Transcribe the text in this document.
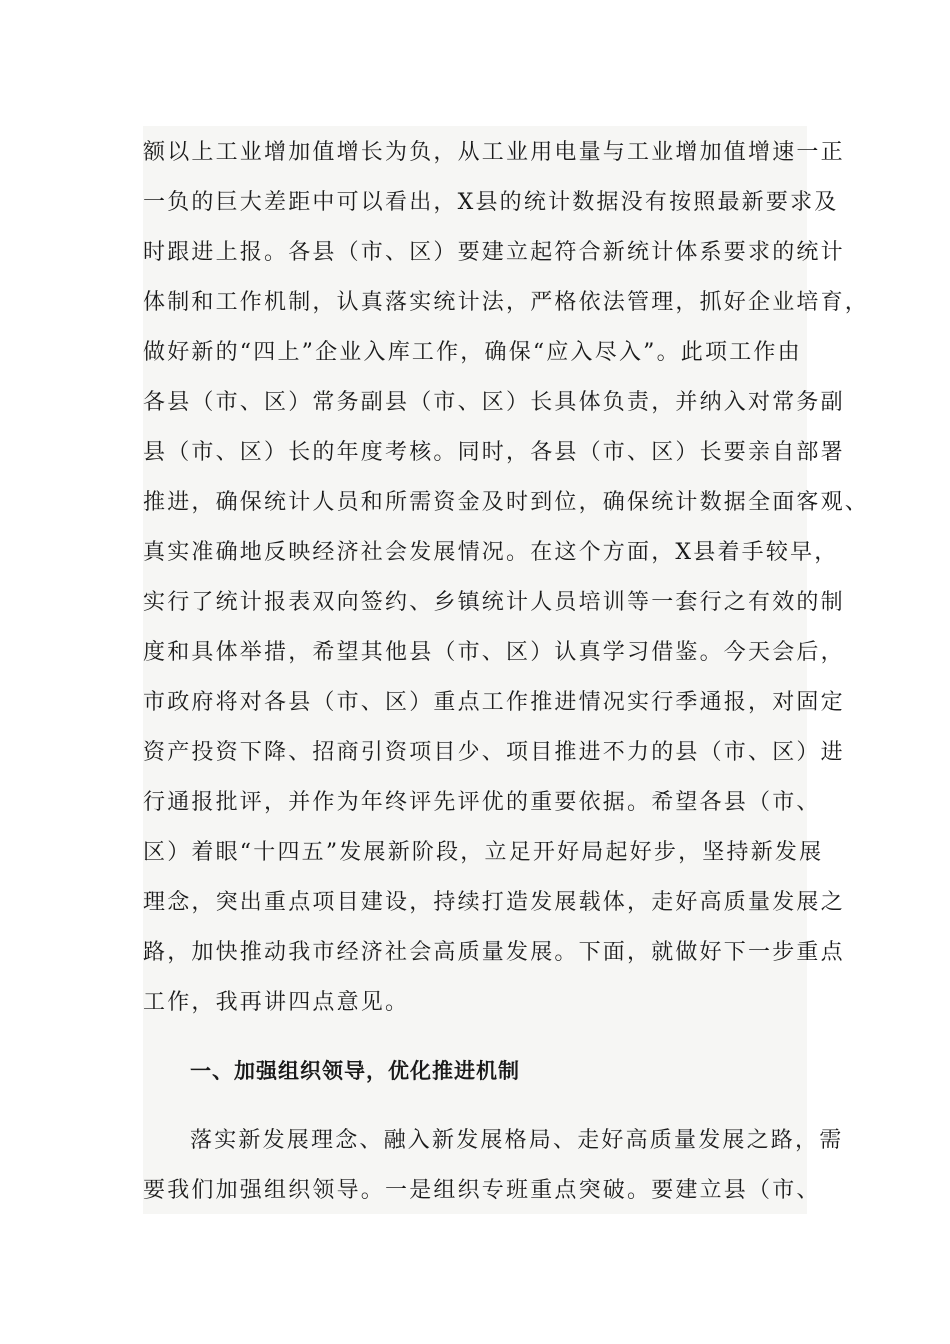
额以上工业增加值增长为负，从工业用电量与工业增加值增速一正
一负的巨大差距中可以看出，X县的统计数据没有按照最新要求及
时跟进上报。各县（市、区）要建立起符合新统计体系要求的统计
体制和工作机制，认真落实统计法，严格依法管理，抓好企业培育，
做好新的“四上”企业入库工作，确保“应入尽入”。此项工作由
各县（市、区）常务副县（市、区）长具体负责，并纳入对常务副
县（市、区）长的年度考核。同时，各县（市、区）长要亲自部署
推进，确保统计人员和所需资金及时到位，确保统计数据全面客观、
真实准确地反映经济社会发展情况。在这个方面，X县着手较早，
实行了统计报表双向签约、乡镇统计人员培训等一套行之有效的制
度和具体举措，希望其他县（市、区）认真学习借鉴。今天会后，
市政府将对各县（市、区）重点工作推进情况实行季通报，对固定
资产投资下降、招商引资项目少、项目推进不力的县（市、区）进
行通报批评，并作为年终评先评优的重要依据。希望各县（市、
区）着眼“十四五”发展新阶段，立足开好局起好步，坚持新发展
理念，突出重点项目建设，持续打造发展载体，走好高质量发展之
路，加快推动我市经济社会高质量发展。下面，就做好下一步重点
工作，我再讲四点意见。
一、加强组织领导，优化推进机制
落实新发展理念、融入新发展格局、走好高质量发展之路，需
要我们加强组织领导。一是组织专班重点突破。要建立县（市、
